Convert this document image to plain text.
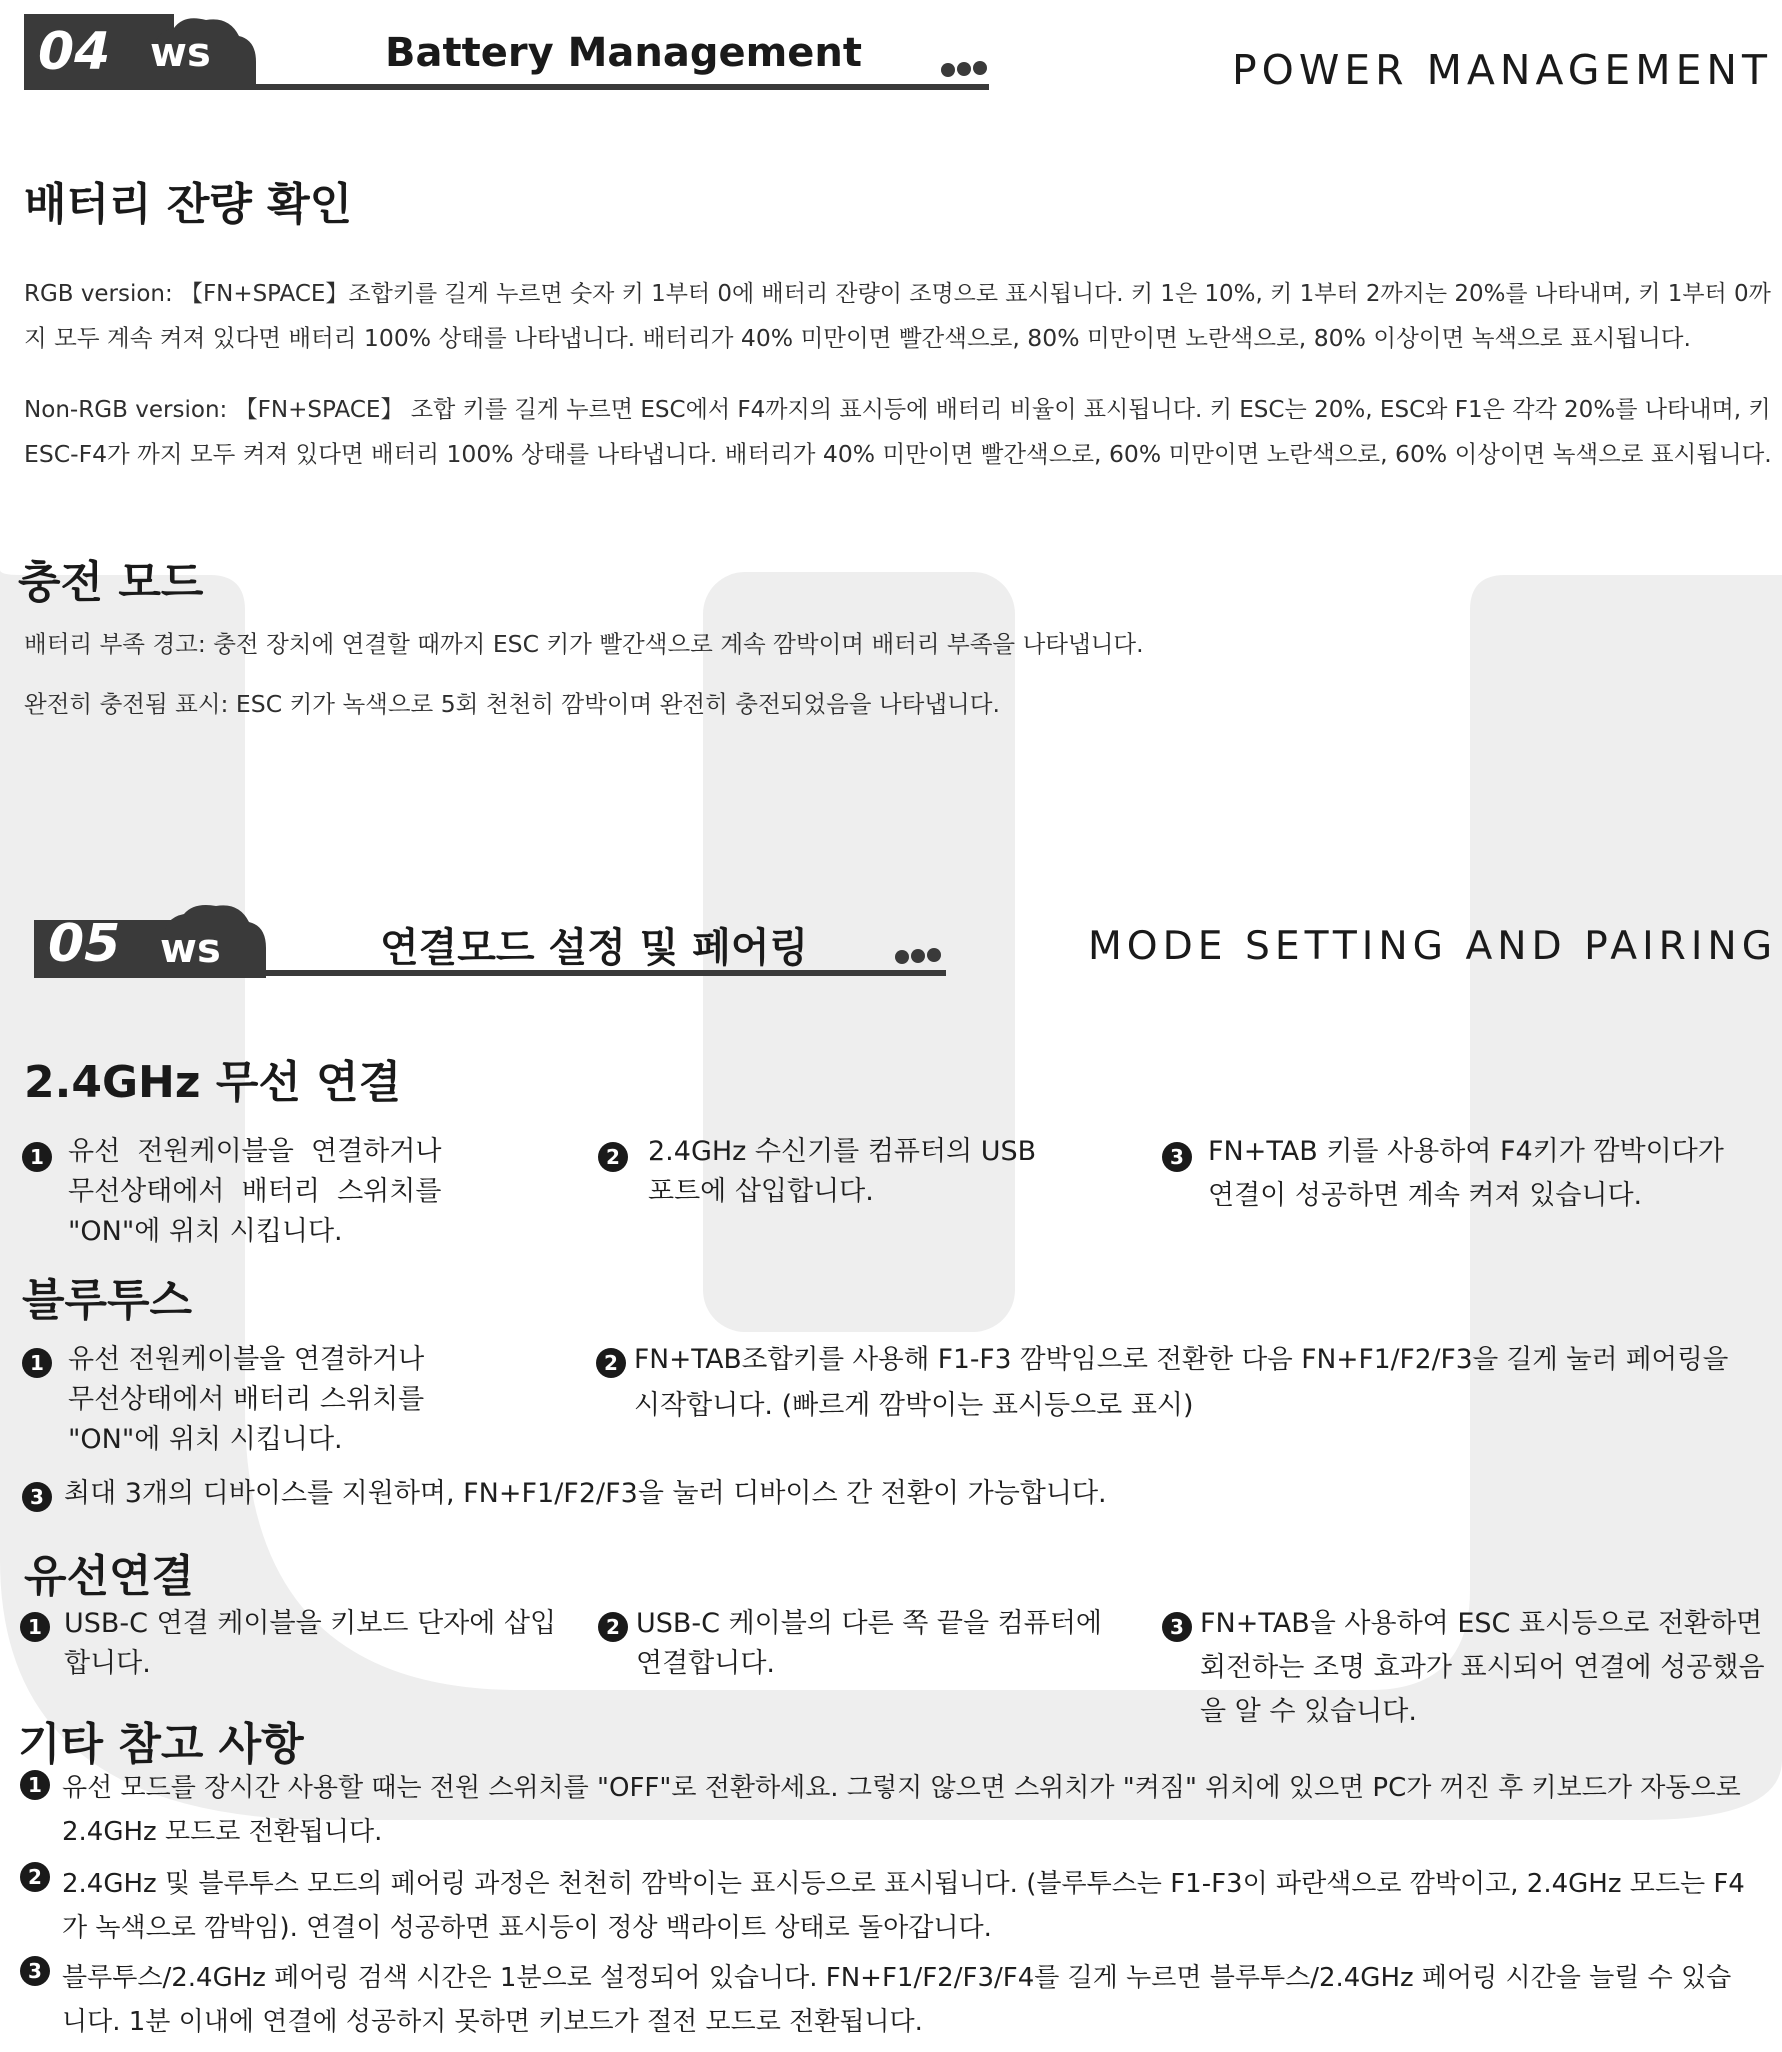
04 ws	Battery Management	POWER MANAGEMENT
배터리 잔량 확인
RGB version: 【FN+SPACE】조합키를 길게 누르면 숫자 키 1부터 0에 배터리 잔량이 조명으로 표시됩니다. 키 1은 10%, 키 1부터 2까지는 20%를 나타내며, 키 1부터 0까
지 모두 계속 켜져 있다면 배터리 100% 상태를 나타냅니다. 배터리가 40% 미만이면 빨간색으로, 80% 미만이면 노란색으로, 80% 이상이면 녹색으로 표시됩니다.
Non-RGB version: 【FN+SPACE】 조합 키를 길게 누르면 ESC에서 F4까지의 표시등에 배터리 비율이 표시됩니다. 키 ESC는 20%, ESC와 F1은 각각 20%를 나타내며, 키
ESC-F4가 까지 모두 켜져 있다면 배터리 100% 상태를 나타냅니다. 배터리가 40% 미만이면 빨간색으로, 60% 미만이면 노란색으로, 60% 이상이면 녹색으로 표시됩니다.
충전 모드
배터리 부족 경고: 충전 장치에 연결할 때까지 ESC 키가 빨간색으로 계속 깜박이며 배터리 부족을 나타냅니다.
완전히 충전됨 표시: ESC 키가 녹색으로 5회 천천히 깜박이며 완전히 충전되었음을 나타냅니다.
05 ws	연결모드 설정 및 페어링	MODE SETTING AND PAIRING
2.4GHz 무선 연결
1 유선  전원케이블을  연결하거나
무선상태에서  배터리  스위치를
"ON"에 위치 시킵니다.
2 2.4GHz 수신기를 컴퓨터의 USB
포트에 삽입합니다.
3 FN+TAB 키를 사용하여 F4키가 깜박이다가
연결이 성공하면 계속 켜져 있습니다.
블루투스
1 유선 전원케이블을 연결하거나
무선상태에서 배터리 스위치를
"ON"에 위치 시킵니다.
2 FN+TAB조합키를 사용해 F1-F3 깜박임으로 전환한 다음 FN+F1/F2/F3을 길게 눌러 페어링을
시작합니다. (빠르게 깜박이는 표시등으로 표시)
3 최대 3개의 디바이스를 지원하며, FN+F1/F2/F3을 눌러 디바이스 간 전환이 가능합니다.
유선연결
1 USB-C 연결 케이블을 키보드 단자에 삽입
합니다.
2 USB-C 케이블의 다른 쪽 끝을 컴퓨터에
연결합니다.
3 FN+TAB을 사용하여 ESC 표시등으로 전환하면
회전하는 조명 효과가 표시되어 연결에 성공했음
을 알 수 있습니다.
기타 참고 사항
1 유선 모드를 장시간 사용할 때는 전원 스위치를 "OFF"로 전환하세요. 그렇지 않으면 스위치가 "켜짐" 위치에 있으면 PC가 꺼진 후 키보드가 자동으로
2.4GHz 모드로 전환됩니다.
2 2.4GHz 및 블루투스 모드의 페어링 과정은 천천히 깜박이는 표시등으로 표시됩니다. (블루투스는 F1-F3이 파란색으로 깜박이고, 2.4GHz 모드는 F4
가 녹색으로 깜박임). 연결이 성공하면 표시등이 정상 백라이트 상태로 돌아갑니다.
3 블루투스/2.4GHz 페어링 검색 시간은 1분으로 설정되어 있습니다. FN+F1/F2/F3/F4를 길게 누르면 블루투스/2.4GHz 페어링 시간을 늘릴 수 있습
니다. 1분 이내에 연결에 성공하지 못하면 키보드가 절전 모드로 전환됩니다.
